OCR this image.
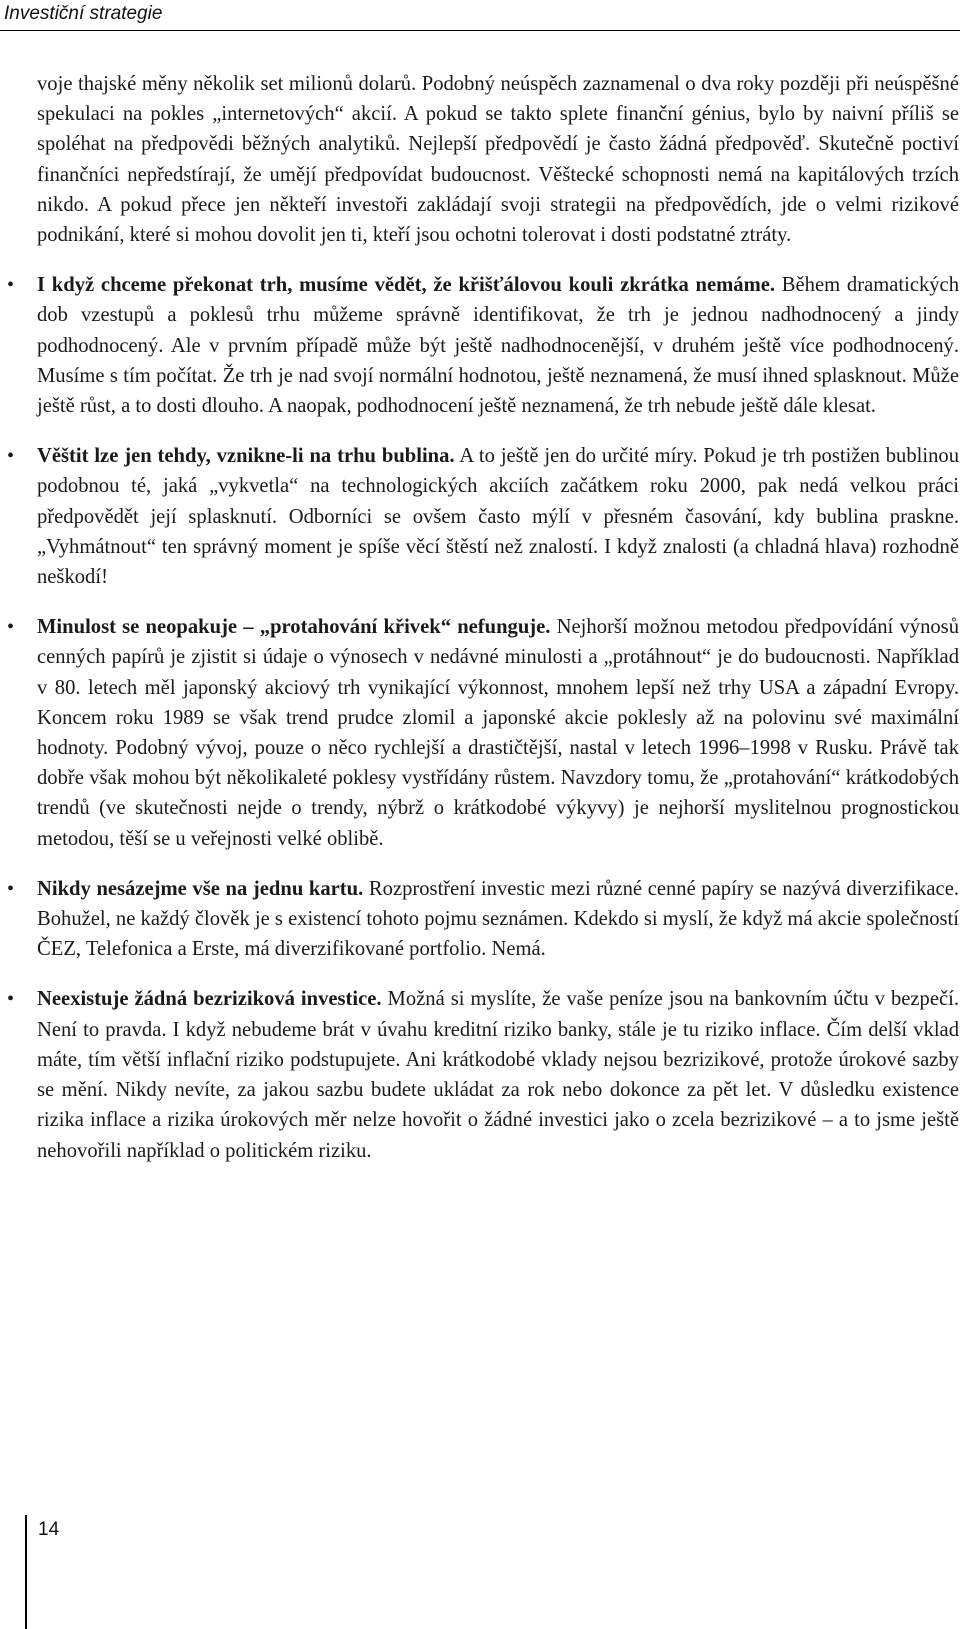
Investiční strategie

voje thajské měny několik set milionů dolarů. Podobný neúspěch zaznamenal o dva roky později při neúspěšné spekulaci na pokles „internetových“ akcií. A pokud se takto splete finanční génius, bylo by naivní příliš se spoléhat na předpovědi běžných analytiků. Nejlepší předpovědí je často žádná předpověď. Skutečně poctiví finančníci nepředstírají, že umějí předpovídat budoucnost. Věštecké schopnosti nemá na kapitálových trzích nikdo. A pokud přece jen někteří investoři zakládají svoji strategii na předpovědích, jde o velmi rizikové podnikání, které si mohou dovolit jen ti, kteří jsou ochotni tolerovat i dosti podstatné ztráty.

• I když chceme překonat trh, musíme vědět, že křišťálovou kouli zkrátka nemáme. Během dramatických dob vzestupů a poklesů trhu můžeme správně identifikovat, že trh je jednou nadhodnocený a jindy podhodnocený. Ale v prvním případě může být ještě nadhodnocenější, v druhém ještě více podhodnocený. Musíme s tím počítat. Že trh je nad svojí normální hodnotou, ještě neznamená, že musí ihned splasknout. Může ještě růst, a to dosti dlouho. A naopak, podhodnocení ještě neznamená, že trh nebude ještě dále klesat.
• Věštit lze jen tehdy, vznikne-li na trhu bublina. A to ještě jen do určité míry. Pokud je trh postižen bublinou podobnou té, jaká „vykvetla“ na technologických akciích začátkem roku 2000, pak nedá velkou práci předpovědět její splasknutí. Odborníci se ovšem často mýlí v přesném časování, kdy bublina praskne. „Vyhmátnout“ ten správný moment je spíše věcí štěstí než znalostí. I když znalosti (a chladná hlava) rozhodně neškodí!
• Minulost se neopakuje – „protahování křivek“ nefunguje. Nejhorší možnou metodou předpovídání výnosů cenných papírů je zjistit si údaje o výnosech v nedávné minulosti a „protáhnout“ je do budoucnosti. Například v 80. letech měl japonský akciový trh vynikající výkonnost, mnohem lepší než trhy USA a západní Evropy. Koncem roku 1989 se však trend prudce zlomil a japonské akcie poklesly až na polovinu své maximální hodnoty. Podobný vývoj, pouze o něco rychlejší a drastičtější, nastal v letech 1996–1998 v Rusku. Právě tak dobře však mohou být několikaleté poklesy vystřídány růstem. Navzdory tomu, že „protahování“ krátkodobých trendů (ve skutečnosti nejde o trendy, nýbrž o krátkodobé výkyvy) je nejhorší myslitelnou prognostickou metodou, těší se u veřejnosti velké oblibě.
• Nikdy nesázejme vše na jednu kartu. Rozprostření investic mezi různé cenné papíry se nazývá diverzifikace. Bohužel, ne každý člověk je s existencí tohoto pojmu seznámen. Kdekdo si myslí, že když má akcie společností ČEZ, Telefonica a Erste, má diverzifikované portfolio. Nemá.
• Neexistuje žádná bezriziková investice. Možná si myslíte, že vaše peníze jsou na bankovním účtu v bezpečí. Není to pravda. I když nebudeme brát v úvahu kreditní riziko banky, stále je tu riziko inflace. Čím delší vklad máte, tím větší inflační riziko podstupujete. Ani krátkodobé vklady nejsou bezrizikové, protože úrokové sazby se mění. Nikdy nevíte, za jakou sazbu budete ukládat za rok nebo dokonce za pět let. V důsledku existence rizika inflace a rizika úrokových měr nelze hovořit o žádné investici jako o zcela bezrizikové – a to jsme ještě nehovořili například o politickém riziku.
14
